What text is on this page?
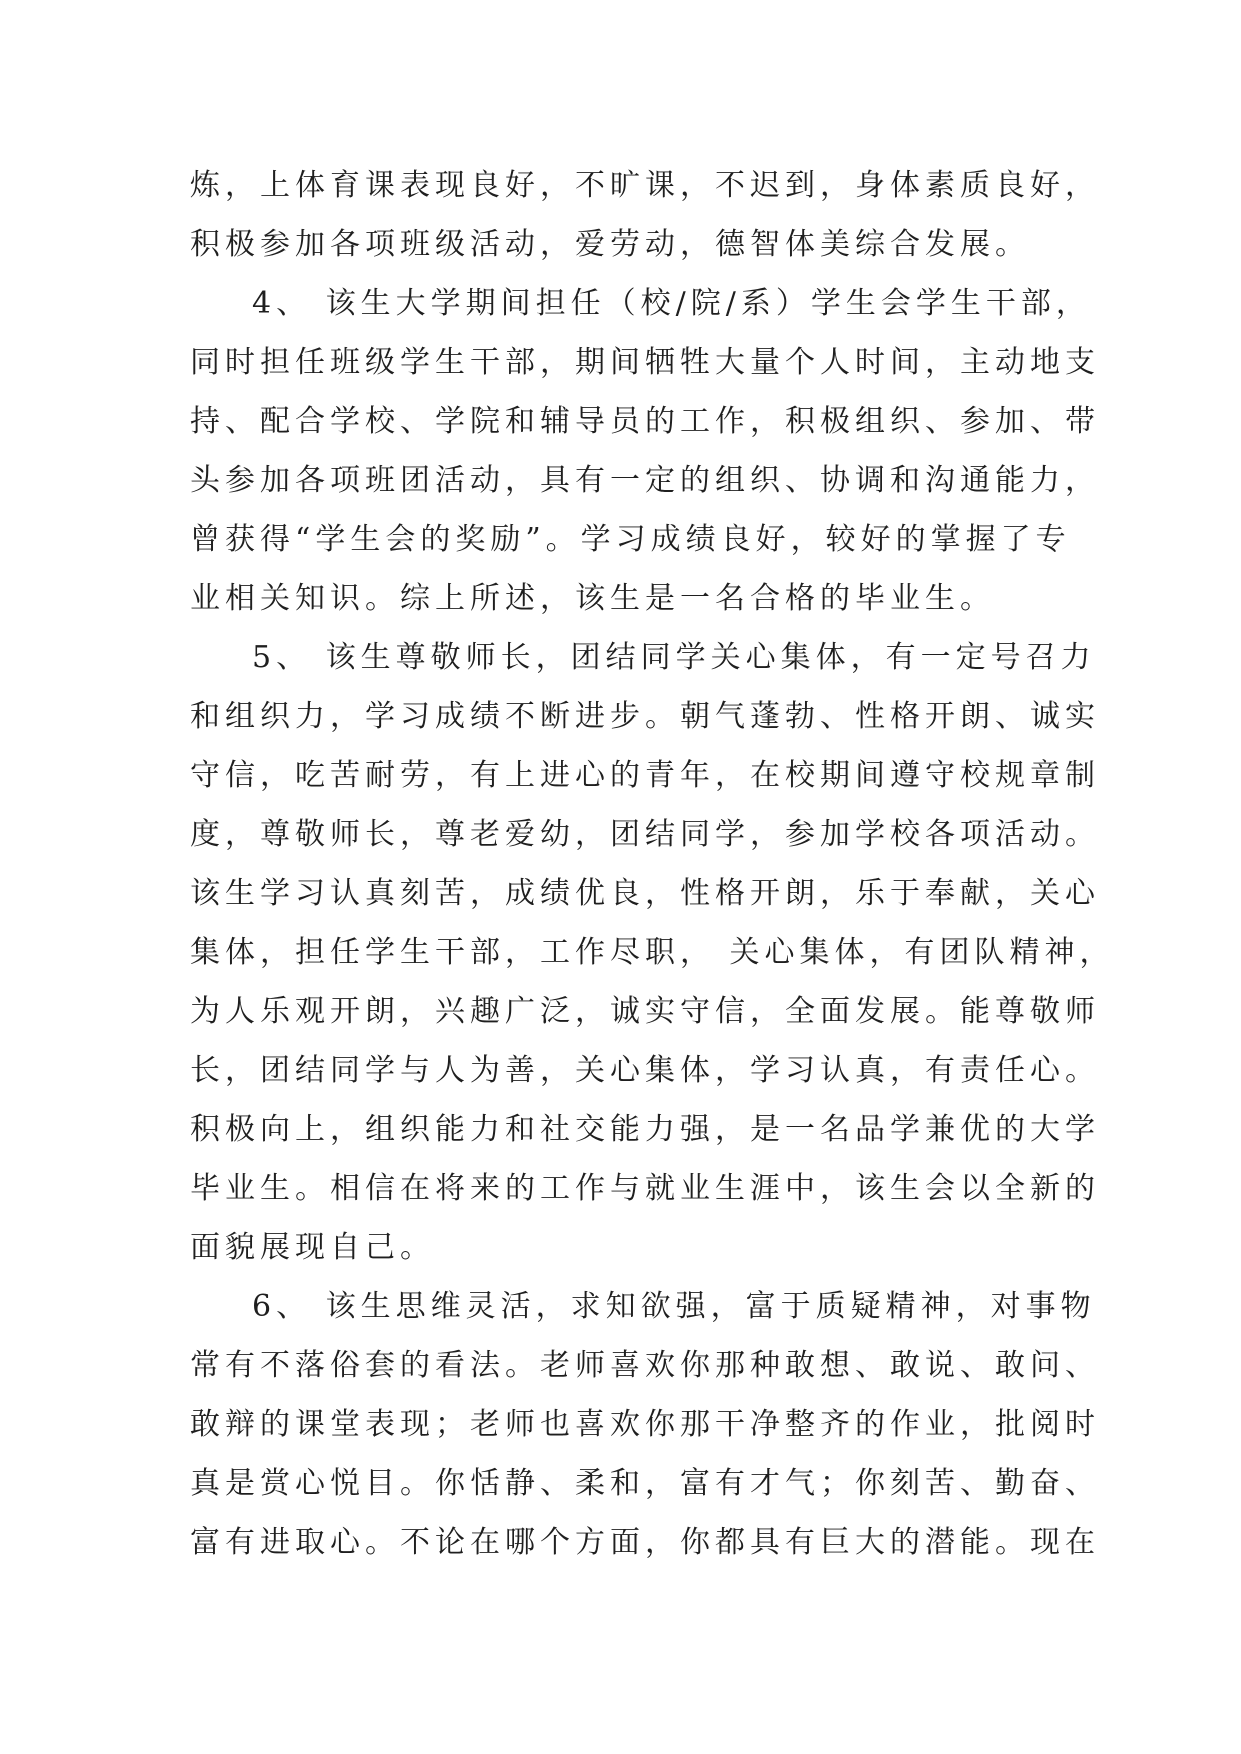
炼，上体育课表现良好，不旷课，不迟到，身体素质良好，
积极参加各项班级活动，爱劳动，德智体美综合发展。

4、 该生大学期间担任（校/院/系）学生会学生干部，
同时担任班级学生干部，期间牺牲大量个人时间，主动地支
持、配合学校、学院和辅导员的工作，积极组织、参加、带
头参加各项班团活动，具有一定的组织、协调和沟通能力，
曾获得“学生会的奖励”。学习成绩良好，较好的掌握了专
业相关知识。综上所述，该生是一名合格的毕业生。

5、 该生尊敬师长，团结同学关心集体，有一定号召力
和组织力，学习成绩不断进步。朝气蓬勃、性格开朗、诚实
守信，吃苦耐劳，有上进心的青年，在校期间遵守校规章制
度，尊敬师长，尊老爱幼，团结同学，参加学校各项活动。
该生学习认真刻苦，成绩优良，性格开朗，乐于奉献，关心
集体，担任学生干部，工作尽职， 关心集体，有团队精神，
为人乐观开朗，兴趣广泛，诚实守信，全面发展。能尊敬师
长，团结同学与人为善，关心集体，学习认真，有责任心。
积极向上，组织能力和社交能力强，是一名品学兼优的大学
毕业生。相信在将来的工作与就业生涯中，该生会以全新的
面貌展现自己。

6、 该生思维灵活，求知欲强，富于质疑精神，对事物
常有不落俗套的看法。老师喜欢你那种敢想、敢说、敢问、
敢辩的课堂表现；老师也喜欢你那干净整齐的作业，批阅时
真是赏心悦目。你恬静、柔和，富有才气；你刻苦、勤奋、
富有进取心。不论在哪个方面，你都具有巨大的潜能。现在
